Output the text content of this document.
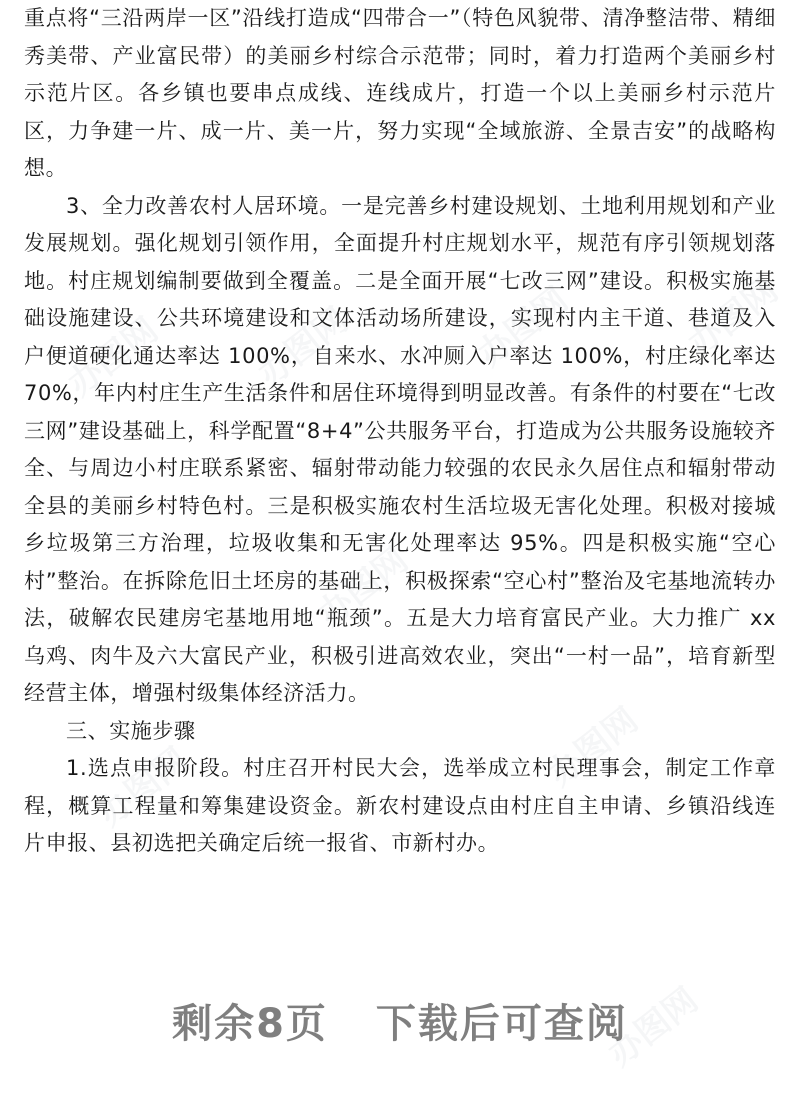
办图网 办图网	办图网	办图网
办图网
办图网	办图网
办图网

重点将“三沿两岸一区”沿线打造成“四带合一”（特色风貌带、清净整洁带、精细秀美带、产业富民带）的美丽乡村综合示范带；同时，着力打造两个美丽乡村示范片区。各乡镇也要串点成线、连线成片，打造一个以上美丽乡村示范片区，力争建一片、成一片、美一片，努力实现“全域旅游、全景吉安”的战略构想。

3、全力改善农村人居环境。一是完善乡村建设规划、土地利用规划和产业发展规划。强化规划引领作用，全面提升村庄规划水平，规范有序引领规划落地。村庄规划编制要做到全覆盖。二是全面开展“七改三网”建设。积极实施基础设施建设、公共环境建设和文体活动场所建设，实现村内主干道、巷道及入户便道硬化通达率达 100%，自来水、水冲厕入户率达 100%，村庄绿化率达 70%，年内村庄生产生活条件和居住环境得到明显改善。有条件的村要在“七改三网”建设基础上，科学配置“8+4”公共服务平台，打造成为公共服务设施较齐全、与周边小村庄联系紧密、辐射带动能力较强的农民永久居住点和辐射带动全县的美丽乡村特色村。三是积极实施农村生活垃圾无害化处理。积极对接城乡垃圾第三方治理，垃圾收集和无害化处理率达 95%。四是积极实施“空心村”整治。在拆除危旧土坯房的基础上，积极探索“空心村”整治及宅基地流转办法，破解农民建房宅基地用地“瓶颈”。五是大力培育富民产业。大力推广 xx 乌鸡、肉牛及六大富民产业，积极引进高效农业，突出“一村一品”，培育新型经营主体，增强村级集体经济活力。

三、实施步骤

1.选点申报阶段。村庄召开村民大会，选举成立村民理事会，制定工作章程，概算工程量和筹集建设资金。新农村建设点由村庄自主申请、乡镇沿线连片申报、县初选把关确定后统一报省、市新村办。

剩余8页 下载后可查阅
